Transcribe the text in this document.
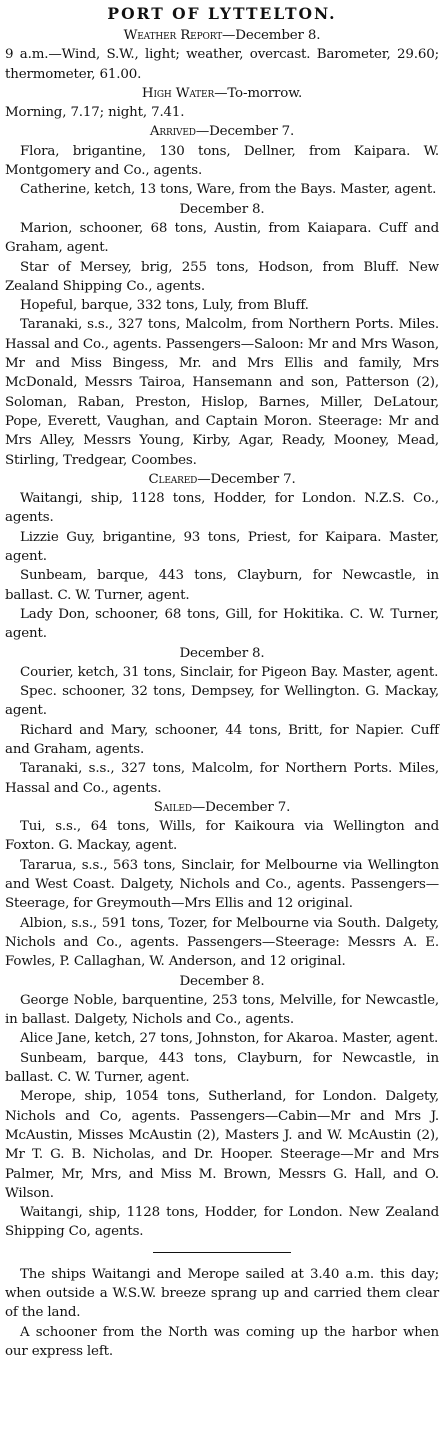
PORT OF LYTTELTON.

Weather Report—December 8.

9 a.m.—Wind, S.W., light; weather, overcast. Barometer, 29.60; thermometer, 61.00.

High Water—To-morrow.

Morning, 7.17; night, 7.41.

Arrived—December 7.

Flora, brigantine, 130 tons, Dellner, from Kaipara. W. Montgomery and Co., agents.

Catherine, ketch, 13 tons, Ware, from the Bays. Master, agent.

December 8.

Marion, schooner, 68 tons, Austin, from Kaiapara. Cuff and Graham, agent.

Star of Mersey, brig, 255 tons, Hodson, from Bluff. New Zealand Shipping Co., agents.

Hopeful, barque, 332 tons, Luly, from Bluff.

Taranaki, s.s., 327 tons, Malcolm, from Northern Ports. Miles. Hassal and Co., agents. Passengers—Saloon: Mr and Mrs Wason, Mr and Miss Bingess, Mr. and Mrs Ellis and family, Mrs McDonald, Messrs Tairoa, Hansemann and son, Patterson (2), Soloman, Raban, Preston, Hislop, Barnes, Miller, DeLatour, Pope, Everett, Vaughan, and Captain Moron. Steerage: Mr and Mrs Alley, Messrs Young, Kirby, Agar, Ready, Mooney, Mead, Stirling, Tredgear, Coombes.

Cleared—December 7.

Waitangi, ship, 1128 tons, Hodder, for London. N.Z.S. Co., agents.

Lizzie Guy, brigantine, 93 tons, Priest, for Kaipara. Master, agent.

Sunbeam, barque, 443 tons, Clayburn, for Newcastle, in ballast. C. W. Turner, agent.

Lady Don, schooner, 68 tons, Gill, for Hokitika. C. W. Turner, agent.

December 8.

Courier, ketch, 31 tons, Sinclair, for Pigeon Bay. Master, agent.

Spec. schooner, 32 tons, Dempsey, for Wellington. G. Mackay, agent.

Richard and Mary, schooner, 44 tons, Britt, for Napier. Cuff and Graham, agents.

Taranaki, s.s., 327 tons, Malcolm, for Northern Ports. Miles, Hassal and Co., agents.

Sailed—December 7.

Tui, s.s., 64 tons, Wills, for Kaikoura via Wellington and Foxton. G. Mackay, agent.

Tararua, s.s., 563 tons, Sinclair, for Melbourne via Wellington and West Coast. Dalgety, Nichols and Co., agents. Passengers—Steerage, for Greymouth—Mrs Ellis and 12 original.

Albion, s.s., 591 tons, Tozer, for Melbourne via South. Dalgety, Nichols and Co., agents. Passengers—Steerage: Messrs A. E. Fowles, P. Callaghan, W. Anderson, and 12 original.

December 8.

George Noble, barquentine, 253 tons, Melville, for Newcastle, in ballast. Dalgety, Nichols and Co., agents.

Alice Jane, ketch, 27 tons, Johnston, for Akaroa. Master, agent.

Sunbeam, barque, 443 tons, Clayburn, for Newcastle, in ballast. C. W. Turner, agent.

Merope, ship, 1054 tons, Sutherland, for London. Dalgety, Nichols and Co, agents. Passengers—Cabin—Mr and Mrs J. McAustin, Misses McAustin (2), Masters J. and W. McAustin (2), Mr T. G. B. Nicholas, and Dr. Hooper. Steerage—Mr and Mrs Palmer, Mr, Mrs, and Miss M. Brown, Messrs G. Hall, and O. Wilson.

Waitangi, ship, 1128 tons, Hodder, for London. New Zealand Shipping Co, agents.

The ships Waitangi and Merope sailed at 3.40 a.m. this day; when outside a W.S.W. breeze sprang up and carried them clear of the land.

A schooner from the North was coming up the harbor when our express left.
